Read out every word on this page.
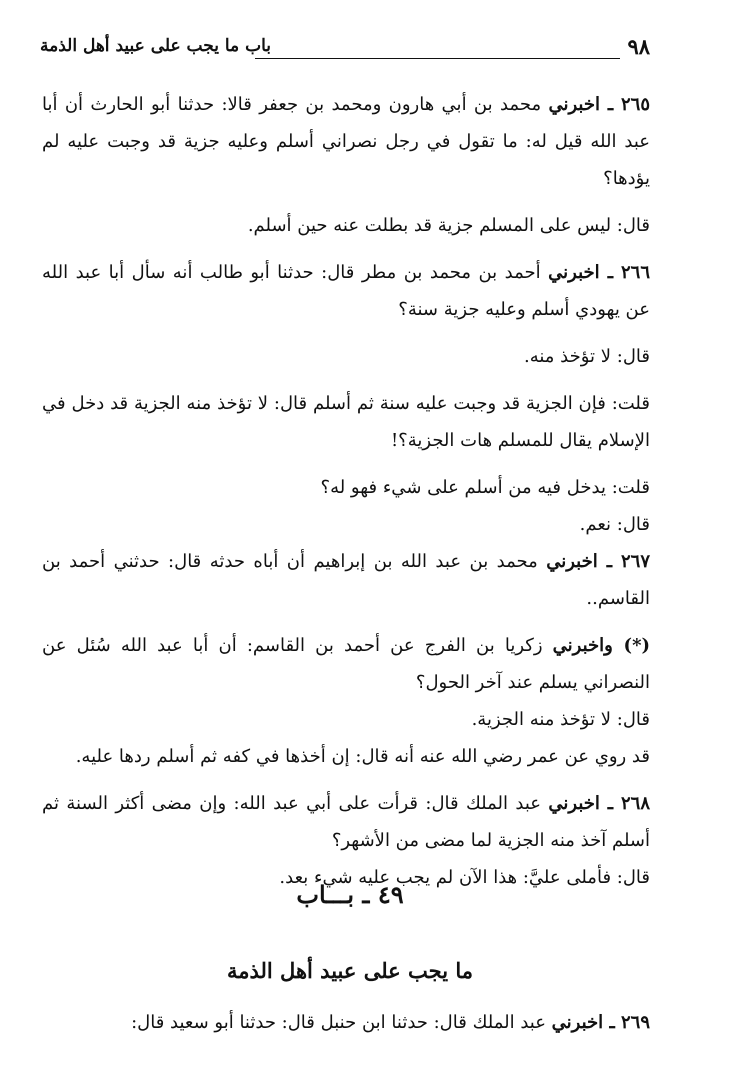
٩٨
باب ما يجب على عبيد أهل الذمة

٢٦٥ ـ اخبرني محمد بن أبي هارون ومحمد بن جعفر قالا: حدثنا أبو الحارث أن أبا عبد الله قيل له: ما تقول في رجل نصراني أسلم وعليه جزية قد وجبت عليه لم يؤدها؟

قال: ليس على المسلم جزية قد بطلت عنه حين أسلم.

٢٦٦ ـ اخبرني أحمد بن محمد بن مطر قال: حدثنا أبو طالب أنه سأل أبا عبد الله عن يهودي أسلم وعليه جزية سنة؟

قال: لا تؤخذ منه.

قلت: فإن الجزية قد وجبت عليه سنة ثم أسلم قال: لا تؤخذ منه الجزية قد دخل في الإسلام يقال للمسلم هات الجزية؟!

قلت: يدخل فيه من أسلم على شيء فهو له؟

قال: نعم.

٢٦٧ ـ اخبرني محمد بن عبد الله بن إبراهيم أن أباه حدثه قال: حدثني أحمد بن القاسم..

(*) واخبرني زكريا بن الفرج عن أحمد بن القاسم: أن أبا عبد الله سُئل عن النصراني يسلم عند آخر الحول؟

قال: لا تؤخذ منه الجزية.

قد روي عن عمر رضي الله عنه أنه قال: إن أخذها في كفه ثم أسلم ردها عليه.

٢٦٨ ـ اخبرني عبد الملك قال: قرأت على أبي عبد الله: وإن مضى أكثر السنة ثم أسلم آخذ منه الجزية لما مضى من الأشهر؟

قال: فأملى عليَّ: هذا الآن لم يجب عليه شيء بعد.

٤٩ ـ بـــاب
ما يجب على عبيد أهل الذمة
٢٦٩ ـ اخبرني عبد الملك قال: حدثنا ابن حنبل قال: حدثنا أبو سعيد قال:
